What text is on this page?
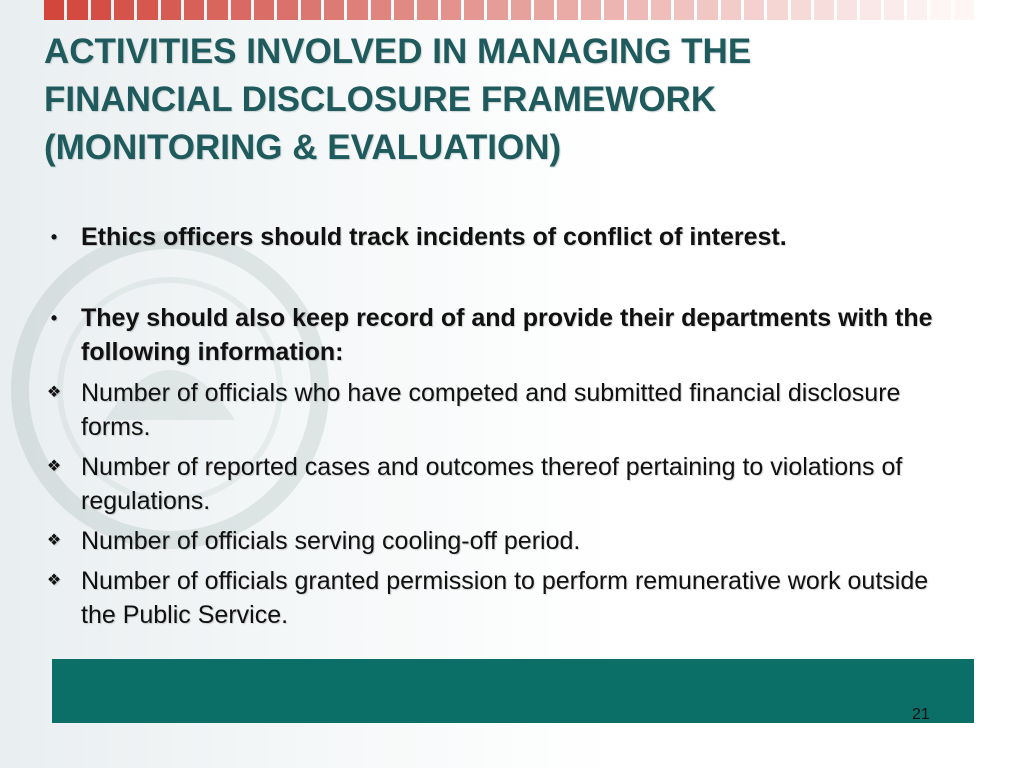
ACTIVITIES INVOLVED IN MANAGING THE
FINANCIAL DISCLOSURE FRAMEWORK
(MONITORING & EVALUATION)
• Ethics officers should track incidents of conflict of interest.
• They should also keep record of and provide their departments with the following information:
❖ Number of officials who have competed and submitted financial disclosure forms.
❖ Number of reported cases and outcomes thereof pertaining to violations of regulations.
❖ Number of officials serving cooling-off period.
❖ Number of officials granted permission to perform remunerative work outside the Public Service.
21
